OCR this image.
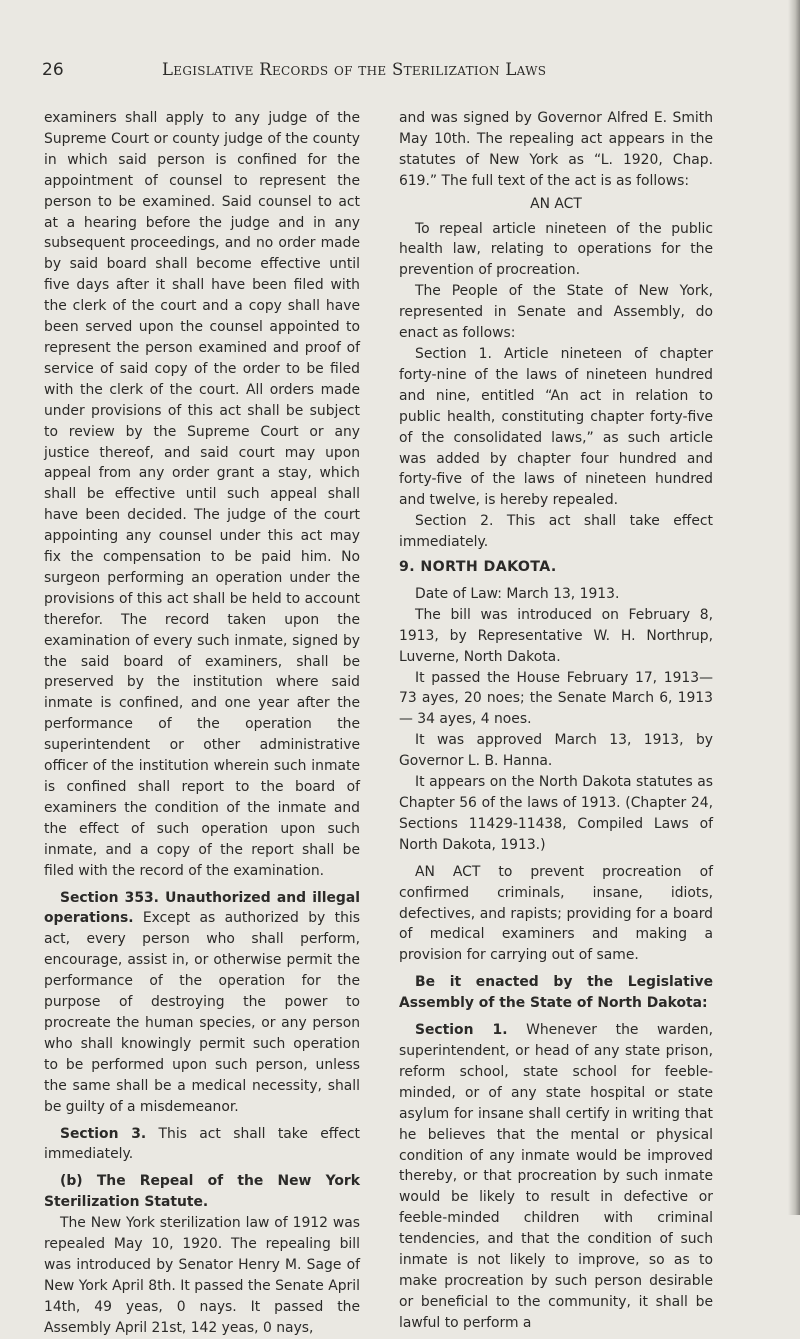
26	Legislative Records of the Sterilization Laws

examiners shall apply to any judge of the Supreme Court or county judge of the county in which said person is confined for the appointment of counsel to represent the person to be examined. Said counsel to act at a hearing before the judge and in any subsequent proceedings, and no order made by said board shall become effective until five days after it shall have been filed with the clerk of the court and a copy shall have been served upon the counsel appointed to represent the person examined and proof of service of said copy of the order to be filed with the clerk of the court. All orders made under provisions of this act shall be subject to review by the Supreme Court or any justice thereof, and said court may upon appeal from any order grant a stay, which shall be effective until such appeal shall have been decided. The judge of the court appointing any counsel under this act may fix the compensation to be paid him. No surgeon performing an operation under the provisions of this act shall be held to account therefor. The record taken upon the examination of every such inmate, signed by the said board of examiners, shall be preserved by the institution where said inmate is confined, and one year after the performance of the operation the superintendent or other administrative officer of the institution wherein such inmate is confined shall report to the board of examiners the condition of the inmate and the effect of such operation upon such inmate, and a copy of the report shall be filed with the record of the examination.

Section 353. Unauthorized and illegal operations. Except as authorized by this act, every person who shall perform, encourage, assist in, or otherwise permit the performance of the operation for the purpose of destroying the power to procreate the human species, or any person who shall knowingly permit such operation to be performed upon such person, unless the same shall be a medical necessity, shall be guilty of a misdemeanor.

Section 3. This act shall take effect immediately.

(b) The Repeal of the New York Sterilization Statute.

The New York sterilization law of 1912 was repealed May 10, 1920. The repealing bill was introduced by Senator Henry M. Sage of New York April 8th. It passed the Senate April 14th, 49 yeas, 0 nays. It passed the Assembly April 21st, 142 yeas, 0 nays,

and was signed by Governor Alfred E. Smith May 10th. The repealing act appears in the statutes of New York as “L. 1920, Chap. 619.” The full text of the act is as follows:

AN ACT

To repeal article nineteen of the public health law, relating to operations for the prevention of procreation.

The People of the State of New York, represented in Senate and Assembly, do enact as follows:

Section 1. Article nineteen of chapter forty-nine of the laws of nineteen hundred and nine, entitled “An act in relation to public health, constituting chapter forty-five of the consolidated laws,” as such article was added by chapter four hundred and forty-five of the laws of nineteen hundred and twelve, is hereby repealed.

Section 2. This act shall take effect immediately.

9. NORTH DAKOTA.

Date of Law: March 13, 1913.

The bill was introduced on February 8, 1913, by Representative W. H. Northrup, Luverne, North Dakota.

It passed the House February 17, 1913— 73 ayes, 20 noes; the Senate March 6, 1913— 34 ayes, 4 noes.

It was approved March 13, 1913, by Governor L. B. Hanna.

It appears on the North Dakota statutes as Chapter 56 of the laws of 1913. (Chapter 24, Sections 11429-11438, Compiled Laws of North Dakota, 1913.)

AN ACT to prevent procreation of confirmed criminals, insane, idiots, defectives, and rapists; providing for a board of medical examiners and making a provision for carrying out of same.

Be it enacted by the Legislative Assembly of the State of North Dakota:

Section 1. Whenever the warden, superintendent, or head of any state prison, reform school, state school for feeble-minded, or of any state hospital or state asylum for insane shall certify in writing that he believes that the mental or physical condition of any inmate would be improved thereby, or that procreation by such inmate would be likely to result in defective or feeble-minded children with criminal tendencies, and that the condition of such inmate is not likely to improve, so as to make procreation by such person desirable or beneficial to the community, it shall be lawful to perform a
